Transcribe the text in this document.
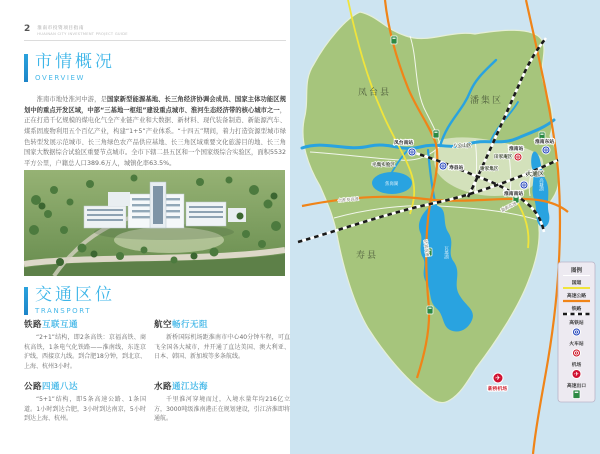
2 淮南市投资项目指南
HUAINAN CITY INVESTMENT PROJECT GUIDE
市情概况
OVERVIEW

淮南市地处淮河中游，是国家新型能源基地、长三角经济协调会成员、国家主体功能区规划中的重点开发区域，中部“三基地一枢纽”建设重点城市、淮河生态经济带的核心城市之一，正在打造千亿规模的煤电化气全产业链产业和大数据、新材料、现代装备制造、新能源汽车、煤系固废物利用五个百亿产业，构建“1+5”产业体系。“十四五”期间，着力打造资源型城市绿色转型发展示范城市、长三角绿色农产品供应基地、长三角区域重要文化旅游目的地、长三角国家大数据综合试验区重要节点城市。全市下辖二县五区和一个国家级综合实验区，面积5532平方公里，户籍总人口389.6万人，城镇化率63.5%。

交通区位
TRANSPORT
铁路互联互通

“2+1”结构，即2条高铁：京福高铁、商杭高铁，1条电气化铁路——淮南线，东连京沪线，西接京九线。到合肥18分钟，到北京、上海、杭州3小时。

航空畅行无阻

新桥国际机场距淮南市中心40分钟车程，可直飞全国各大城市，并开通了直达美国、澳大利亚、日本、韩国、新加坡等多条航线。

公路四通八达

“5+1”结构，即5条高速公路、1条国道。1小时到达合肥，3小时到达南京，5小时到达上海、杭州。

水路通江达海

千里淮河穿境而过，入境水量年均216亿立方，3000吨级淮南港正在规划建设，引江济淮即将通航。

济祁高速
合淮阜高速
滁新高速
凤台县
潘集区
寿县
毛集实验区
八公山区
谢家集区
田家庵区
大通区
焦岗湖
瓦埠湖
高塘湖
凤台南站
寿县站
淮南南站
淮南站
淮南东站
✈
新桥机场
图例
国道
高速公路
铁路
高铁站
火车站
机场
✈
高速出口
